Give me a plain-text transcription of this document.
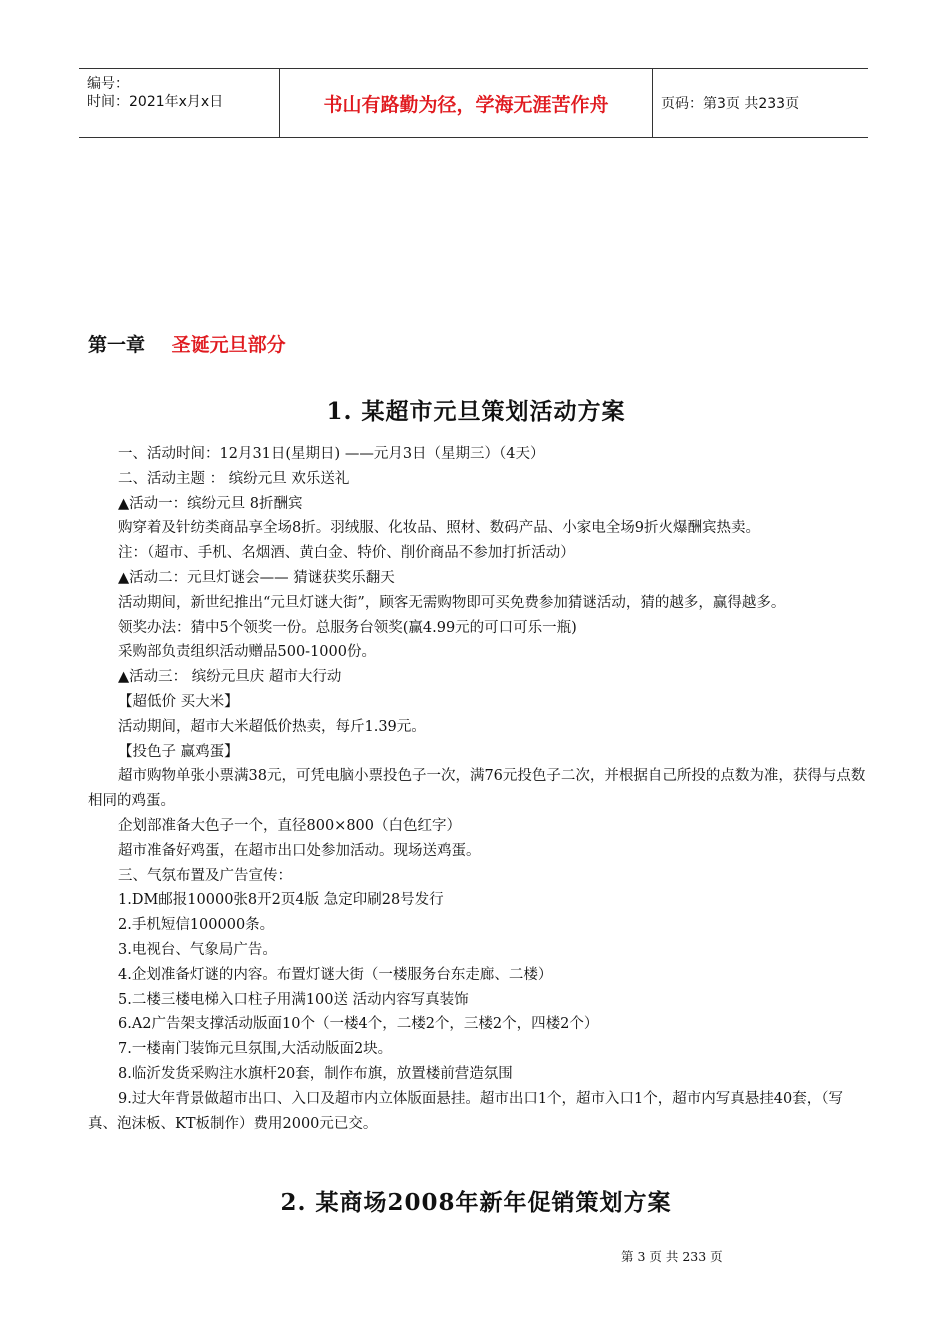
编号：
时间：2021年x月x日	书山有路勤为径，学海无涯苦作舟	页码：第3页 共233页
第一章 圣诞元旦部分
1. 某超市元旦策划活动方案

一、活动时间：12月31日(星期日) ——元月3日（星期三）（4天）

二、活动主题 ： 缤纷元旦 欢乐送礼

▲活动一：缤纷元旦 8折酬宾

购穿着及针纺类商品享全场8折。羽绒服、化妆品、照材、数码产品、小家电全场9折火爆酬宾热卖。

注：（超市、手机、名烟酒、黄白金、特价、削价商品不参加打折活动）

▲活动二：元旦灯谜会—— 猜谜获奖乐翻天

活动期间，新世纪推出“元旦灯谜大街”，顾客无需购物即可买免费参加猜谜活动，猜的越多，赢得越多。

领奖办法：猜中5个领奖一份。总服务台领奖(赢4.99元的可口可乐一瓶)

采购部负责组织活动赠品500-1000份。

▲活动三： 缤纷元旦庆 超市大行动

【超低价 买大米】

活动期间，超市大米超低价热卖，每斤1.39元。

【投色子 赢鸡蛋】

超市购物单张小票满38元，可凭电脑小票投色子一次，满76元投色子二次，并根据自己所投的点数为准，获得与点数相同的鸡蛋。

企划部准备大色子一个，直径800×800（白色红字）

超市准备好鸡蛋，在超市出口处参加活动。现场送鸡蛋。

三、气氛布置及广告宣传：

1.DM邮报10000张8开2页4版 急定印刷28号发行

2.手机短信100000条。

3.电视台、气象局广告。

4.企划准备灯谜的内容。布置灯谜大街（一楼服务台东走廊、二楼）

5.二楼三楼电梯入口柱子用满100送 活动内容写真装饰

6.A2广告架支撑活动版面10个（一楼4个，二楼2个，三楼2个，四楼2个）

7.一楼南门装饰元旦氛围,大活动版面2块。

8.临沂发货采购注水旗杆20套，制作布旗，放置楼前营造氛围

9.过大年背景做超市出口、入口及超市内立体版面悬挂。超市出口1个，超市入口1个，超市内写真悬挂40套，（写真、泡沫板、KT板制作）费用2000元已交。

2. 某商场2008年新年促销策划方案
第 3 页 共 233 页
